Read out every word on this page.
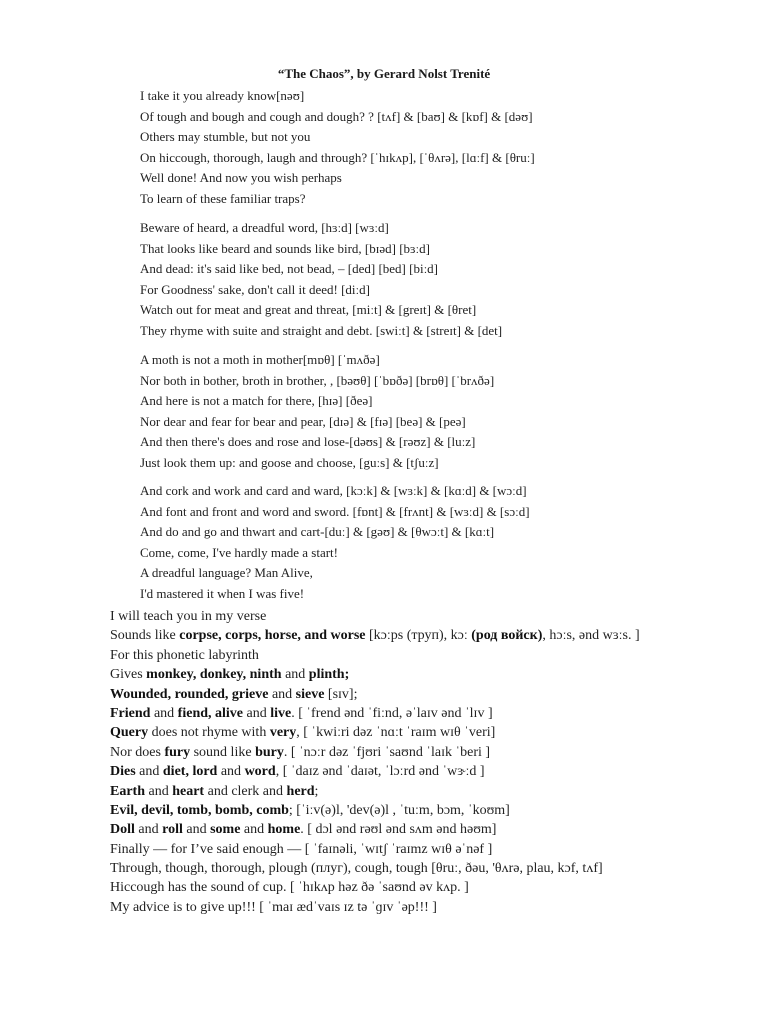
“The Chaos”, by Gerard Nolst Trenité
I take it you already know[nəʊ]
Of tough and bough and cough and dough? ? [tʌf] & [baʊ] & [kɒf] & [dəʊ]
Others may stumble, but not you
On hiccough, thorough, laugh and through? [ˈhɪkʌp], [ˈθʌrə], [lɑːf] & [θruː]
Well done! And now you wish perhaps
To learn of these familiar traps?
Beware of heard, a dreadful word, [hɜːd] [wɜːd]
That looks like beard and sounds like bird, [bɪəd] [bɜːd]
And dead: it's said like bed, not bead, – [ded] [bed] [biːd]
For Goodness' sake, don't call it deed! [diːd]
Watch out for meat and great and threat, [miːt] & [greɪt] & [θret]
They rhyme with suite and straight and debt. [swiːt] & [streɪt] & [det]
A moth is not a moth in mother[mɒθ] [ˈmʌðə]
Nor both in bother, broth in brother, , [bəʊθ] [ˈbɒðə] [brɒθ] [ˈbrʌðə]
And here is not a match for there, [hɪə] [ðeə]
Nor dear and fear for bear and pear, [dɪə] & [fɪə] [beə] & [peə]
And then there's does and rose and lose-[dəʊs] & [rəʊz] & [luːz]
Just look them up: and goose and choose, [guːs] & [tʃuːz]
And cork and work and card and ward, [kɔːk] & [wɜːk] & [kɑːd] & [wɔːd]
And font and front and word and sword. [fɒnt] & [frʌnt] & [wɜːd] & [sɔːd]
And do and go and thwart and cart-[duː] & [gəʊ] & [θwɔːt] & [kɑːt]
Come, come, I've hardly made a start!
A dreadful language? Man Alive,
I'd mastered it when I was five!
I will teach you in my verse
Sounds like corpse, corps, horse, and worse [kɔːps (труп), kɔː (род войск), hɔːs, ənd wɜːs. ]
For this phonetic labyrinth
Gives monkey, donkey, ninth and plinth;
Wounded, rounded, grieve and sieve [sɪv];
Friend and fiend, alive and live. [ ˈfrend ənd ˈfiːnd, əˈlaɪv ənd ˈlɪv ]
Query does not rhyme with very, [ ˈkwiːri dəz ˈnɑːt ˈraɪm wɪθ ˈveri]
Nor does fury sound like bury. [ ˈnɔːr dəz ˈfjʊri ˈsaʊnd ˈlaɪk ˈberi ]
Dies and diet, lord and word, [ ˈdaɪz ənd ˈdaɪət, ˈlɔːrd ənd ˈwɝːd ]
Earth and heart and clerk and herd;
Evil, devil, tomb, bomb, comb; [ˈiːv(ə)l, 'dev(ə)l , ˈtuːm, bɔm, ˈkoʊm]
Doll and roll and some and home. [ dɔl ənd rəʊl ənd sʌm ənd həʊm]
Finally — for I’ve said enough — [ ˈfaɪnəli, ˈwɪtʃ ˈraɪmz wɪθ əˈnəf ]
Through, though, thorough, plough (плуг), cough, tough [θruː, ðəu, 'θʌrə, plau, kɔf, tʌf]
Hiccough has the sound of cup. [ ˈhɪkʌp həz ðə ˈsaʊnd əv kʌp. ]
My advice is to give up!!! [ ˈmaɪ ædˈvaɪs ɪz tə ˈɡɪv ˈəp!!! ]
